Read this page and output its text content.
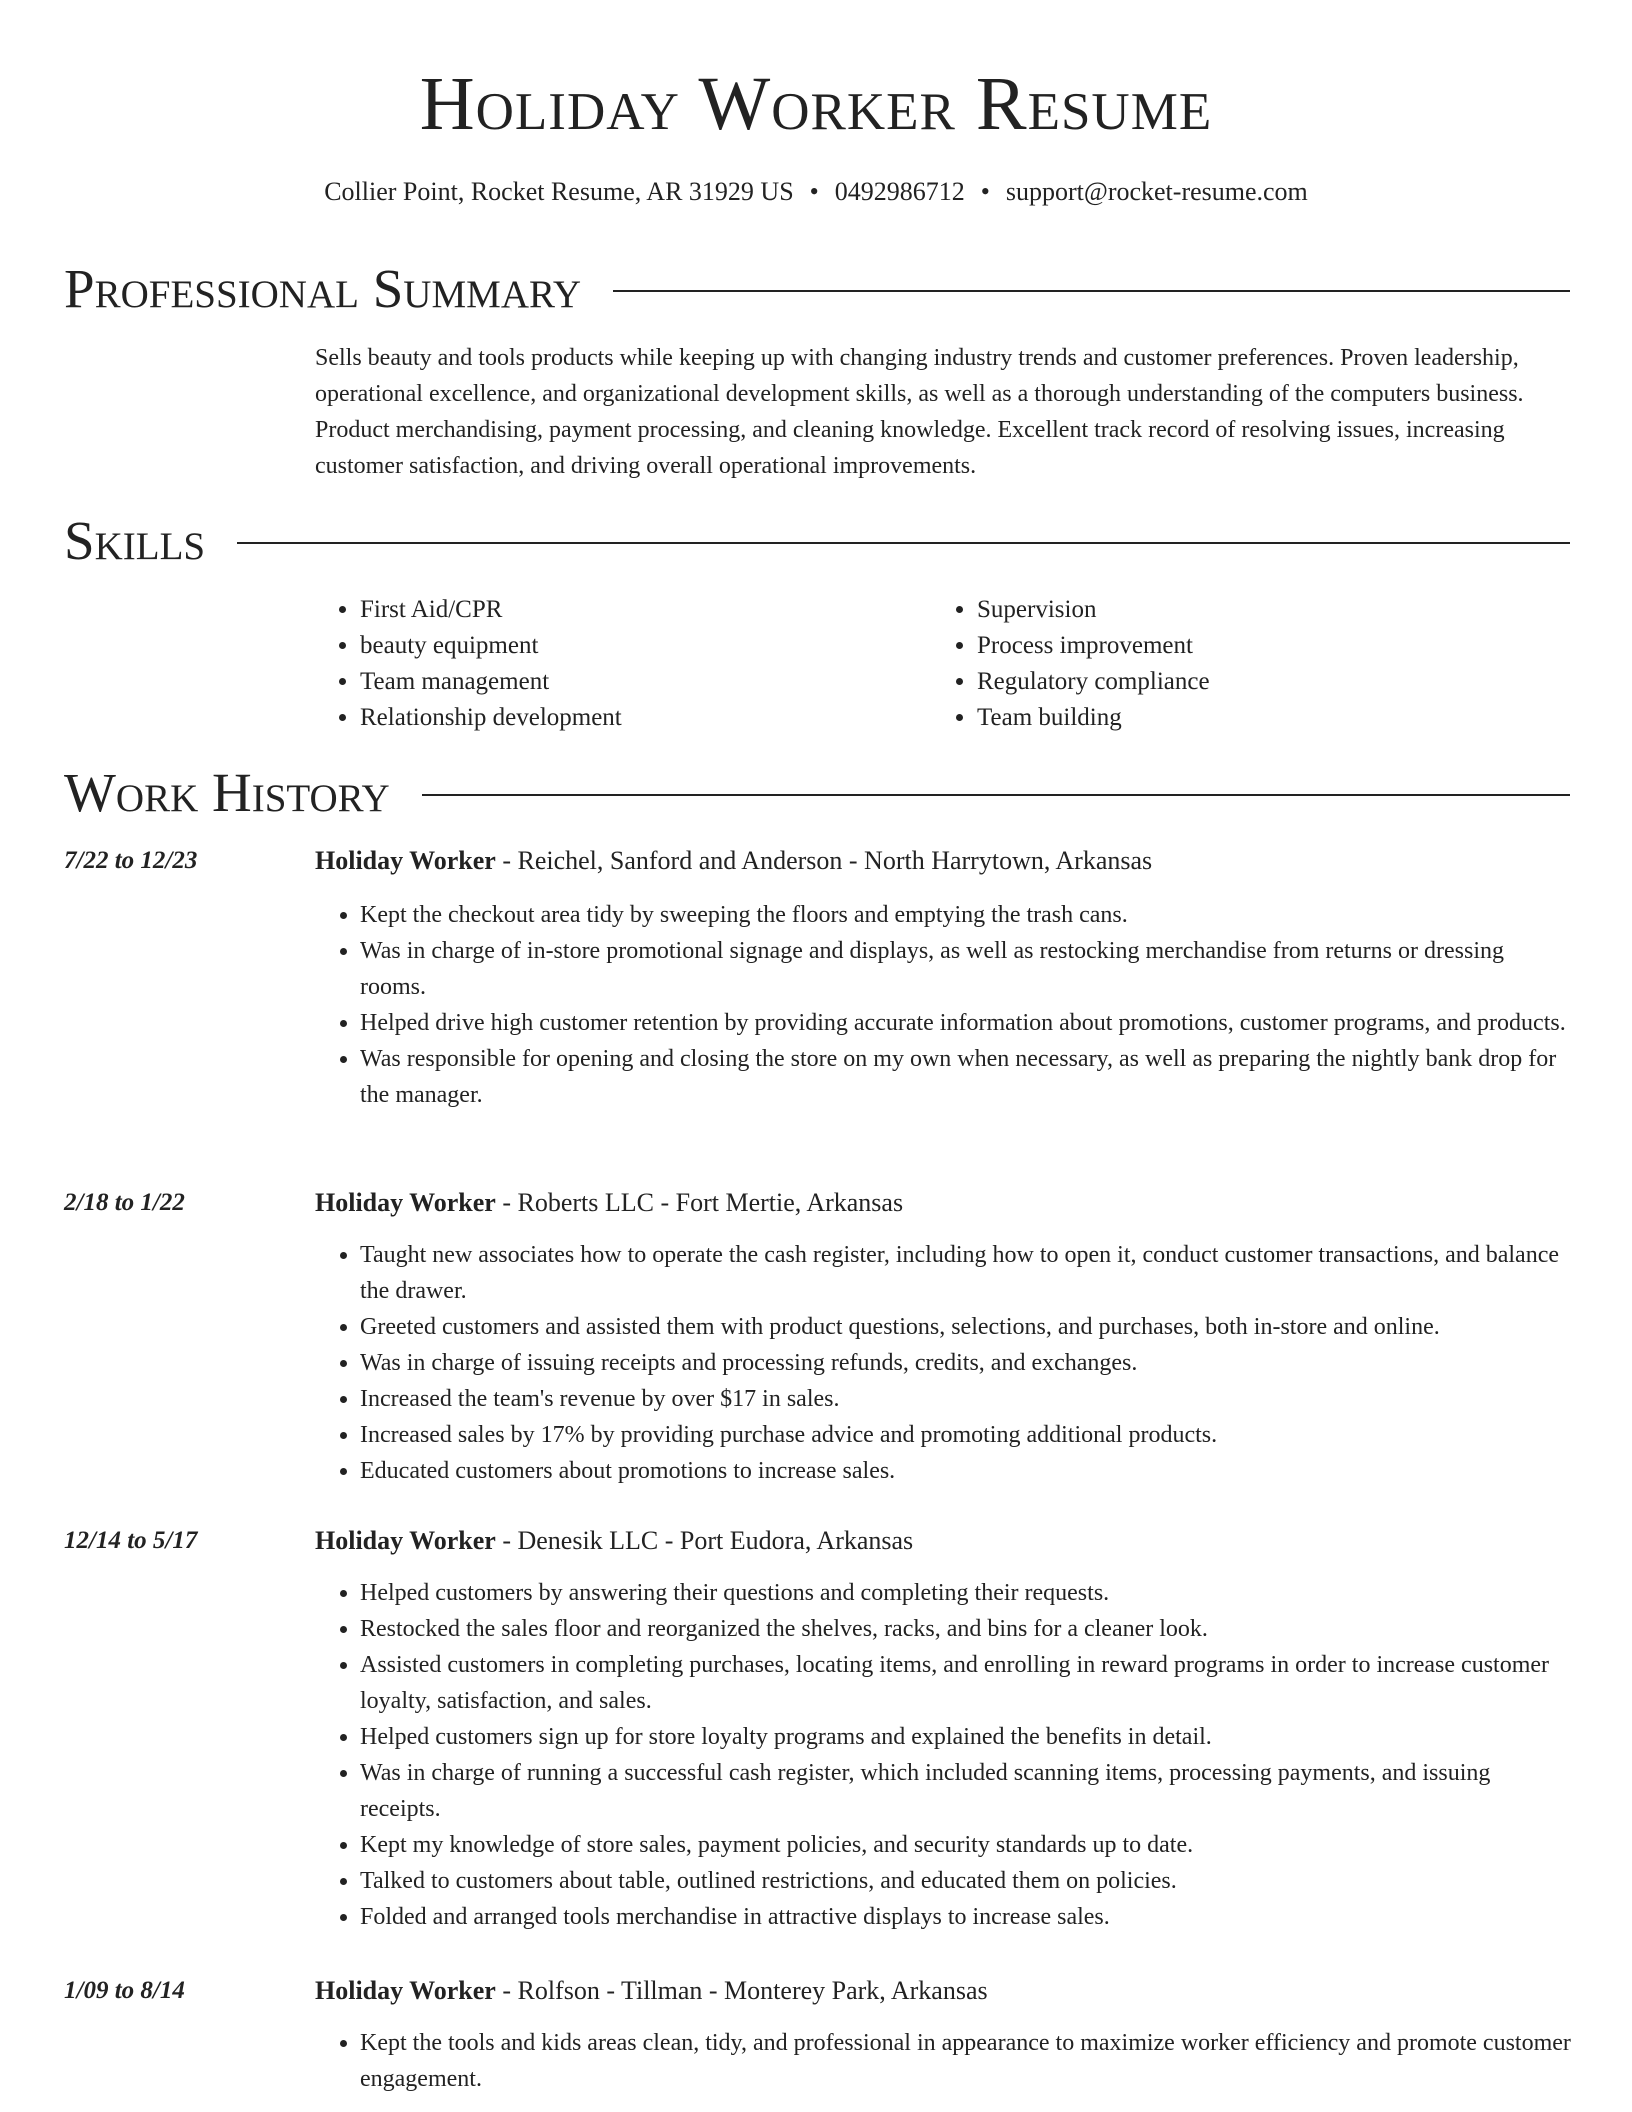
Holiday Worker Resume
Collier Point, Rocket Resume, AR 31929 US • 0492986712 • support@rocket-resume.com
Professional Summary

Sells beauty and tools products while keeping up with changing industry trends and customer preferences. Proven leadership, operational excellence, and organizational development skills, as well as a thorough understanding of the computers business. Product merchandising, payment processing, and cleaning knowledge. Excellent track record of resolving issues, increasing customer satisfaction, and driving overall operational improvements.

Skills
• First Aid/CPR
• beauty equipment
• Team management
• Relationship development
• Supervision
• Process improvement
• Regulatory compliance
• Team building
Work History
7/22 to 12/23	Holiday Worker - Reichel, Sanford and Anderson - North Harrytown, Arkansas
• Kept the checkout area tidy by sweeping the floors and emptying the trash cans.
• Was in charge of in-store promotional signage and displays, as well as restocking merchandise from returns or dressing rooms.
• Helped drive high customer retention by providing accurate information about promotions, customer programs, and products.
• Was responsible for opening and closing the store on my own when necessary, as well as preparing the nightly bank drop for the manager.
2/18 to 1/22	Holiday Worker - Roberts LLC - Fort Mertie, Arkansas
• Taught new associates how to operate the cash register, including how to open it, conduct customer transactions, and balance the drawer.
• Greeted customers and assisted them with product questions, selections, and purchases, both in-store and online.
• Was in charge of issuing receipts and processing refunds, credits, and exchanges.
• Increased the team's revenue by over $17 in sales.
• Increased sales by 17% by providing purchase advice and promoting additional products.
• Educated customers about promotions to increase sales.
12/14 to 5/17	Holiday Worker - Denesik LLC - Port Eudora, Arkansas
• Helped customers by answering their questions and completing their requests.
• Restocked the sales floor and reorganized the shelves, racks, and bins for a cleaner look.
• Assisted customers in completing purchases, locating items, and enrolling in reward programs in order to increase customer loyalty, satisfaction, and sales.
• Helped customers sign up for store loyalty programs and explained the benefits in detail.
• Was in charge of running a successful cash register, which included scanning items, processing payments, and issuing receipts.
• Kept my knowledge of store sales, payment policies, and security standards up to date.
• Talked to customers about table, outlined restrictions, and educated them on policies.
• Folded and arranged tools merchandise in attractive displays to increase sales.
1/09 to 8/14	Holiday Worker - Rolfson - Tillman - Monterey Park, Arkansas
• Kept the tools and kids areas clean, tidy, and professional in appearance to maximize worker efficiency and promote customer engagement.
